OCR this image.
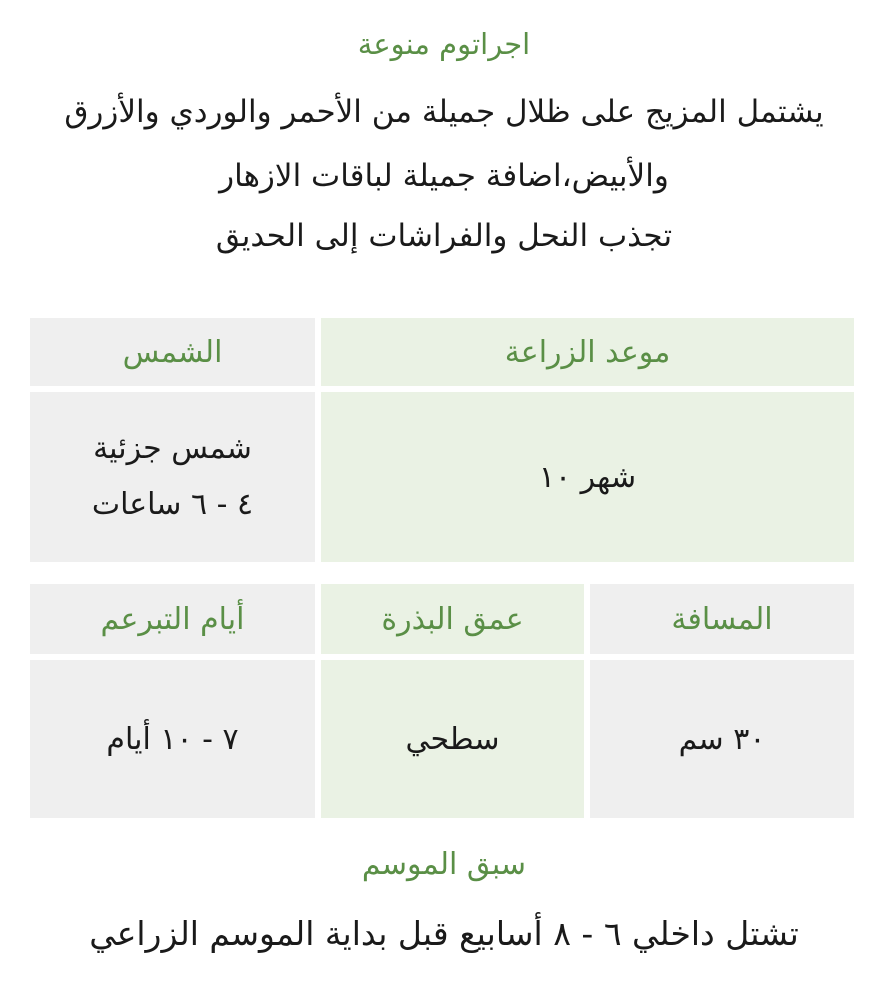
اجراتوم منوعة
يشتمل المزيج على ظلال جميلة من الأحمر والوردي والأزرق
والأبيض،اضافة جميلة لباقات الازهار
تجذب النحل والفراشات إلى الحديق
موعد الزراعة
الشمس
شهر ١٠
شمس جزئية
٤ - ٦ ساعات
المسافة
عمق البذرة
أيام التبرعم
٣٠ سم
سطحي
٧ - ١٠ أيام
سبق الموسم
تشتل داخلي ٦ - ٨ أسابيع قبل بداية الموسم الزراعي
